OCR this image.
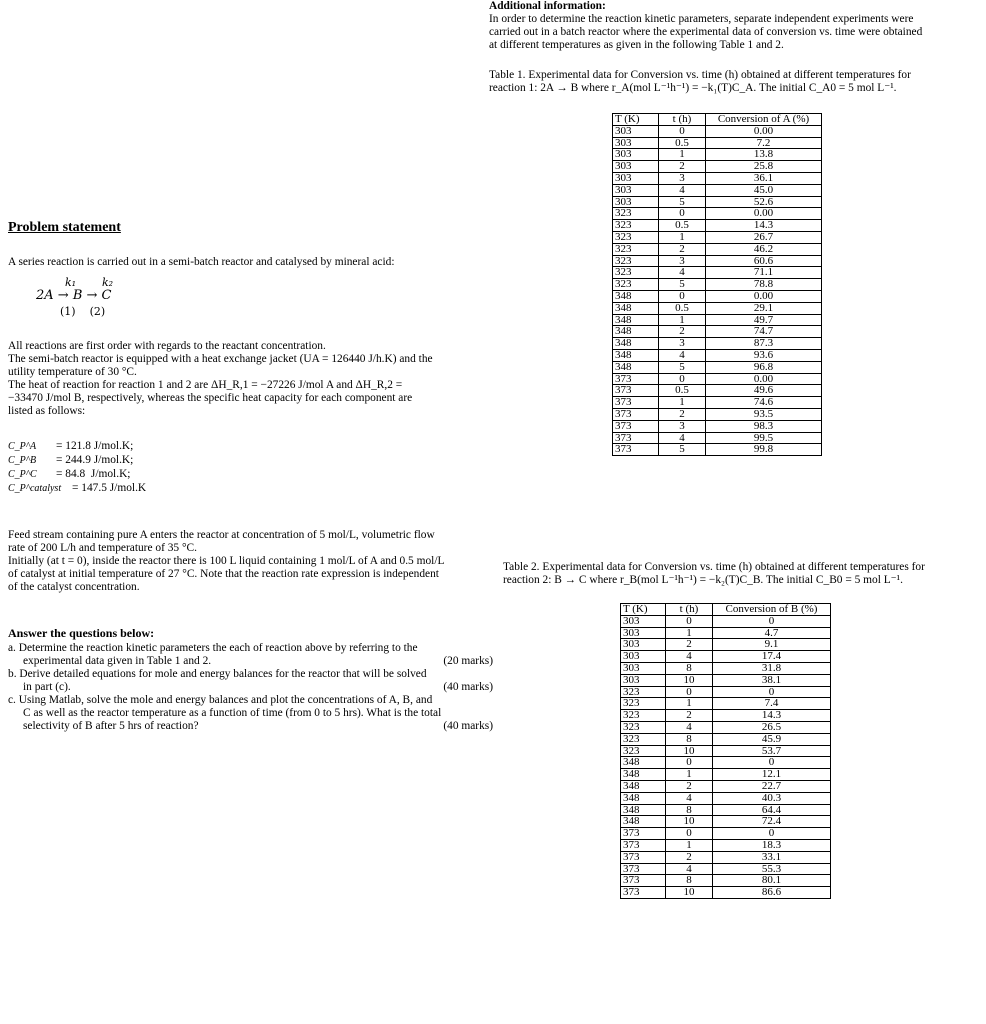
Additional information:
In order to determine the reaction kinetic parameters, separate independent experiments were
carried out in a batch reactor where the experimental data of conversion vs. time were obtained
at different temperatures as given in the following Table 1 and 2.
Table 1. Experimental data for Conversion vs. time (h) obtained at different temperatures for
reaction 1: 2A → B where r_A(mol L⁻¹h⁻¹) = −k₁(T)C_A. The initial C_A0 = 5 mol L⁻¹.
T (K)	t (h)	Conversion of A (%)
303	0	0.00
303	0.5	7.2
303	1	13.8
303	2	25.8
303	3	36.1
303	4	45.0
303	5	52.6
323	0	0.00
323	0.5	14.3
323	1	26.7
323	2	46.2
323	3	60.6
323	4	71.1
323	5	78.8
348	0	0.00
348	0.5	29.1
348	1	49.7
348	2	74.7
348	3	87.3
348	4	93.6
348	5	96.8
373	0	0.00
373	0.5	49.6
373	1	74.6
373	2	93.5
373	3	98.3
373	4	99.5
373	5	99.8
Table 2. Experimental data for Conversion vs. time (h) obtained at different temperatures for
reaction 2: B → C where r_B(mol L⁻¹h⁻¹) = −k₂(T)C_B. The initial C_B0 = 5 mol L⁻¹.
T (K)	t (h)	Conversion of B (%)
303	0	0
303	1	4.7
303	2	9.1
303	4	17.4
303	8	31.8
303	10	38.1
323	0	0
323	1	7.4
323	2	14.3
323	4	26.5
323	8	45.9
323	10	53.7
348	0	0
348	1	12.1
348	2	22.7
348	4	40.3
348	8	64.4
348	10	72.4
373	0	0
373	1	18.3
373	2	33.1
373	4	55.3
373	8	80.1
373	10	86.6
Problem statement
A series reaction is carried out in a semi-batch reactor and catalysed by mineral acid:
k₁ k₂
2A → B → C
(1)    (2)
All reactions are first order with regards to the reactant concentration.
The semi-batch reactor is equipped with a heat exchange jacket (UA = 126440 J/h.K) and the
utility temperature of 30 °C.
The heat of reaction for reaction 1 and 2 are ΔH_R,1 = −27226 J/mol A and ΔH_R,2 =
−33470 J/mol B, respectively, whereas the specific heat capacity for each component are
listed as follows:
C_P^A = 121.8 J/mol.K;
C_P^B = 244.9 J/mol.K;
C_P^C = 84.8  J/mol.K;
C_P^catalyst = 147.5 J/mol.K
Feed stream containing pure A enters the reactor at concentration of 5 mol/L, volumetric flow
rate of 200 L/h and temperature of 35 °C.
Initially (at t = 0), inside the reactor there is 100 L liquid containing 1 mol/L of A and 0.5 mol/L
of catalyst at initial temperature of 27 °C. Note that the reaction rate expression is independent
of the catalyst concentration.
Answer the questions below:
a. Determine the reaction kinetic parameters the each of reaction above by referring to the
experimental data given in Table 1 and 2.	(20 marks)
b. Derive detailed equations for mole and energy balances for the reactor that will be solved
in part (c).	(40 marks)
c. Using Matlab, solve the mole and energy balances and plot the concentrations of A, B, and
C as well as the reactor temperature as a function of time (from 0 to 5 hrs). What is the total
selectivity of B after 5 hrs of reaction?	(40 marks)
